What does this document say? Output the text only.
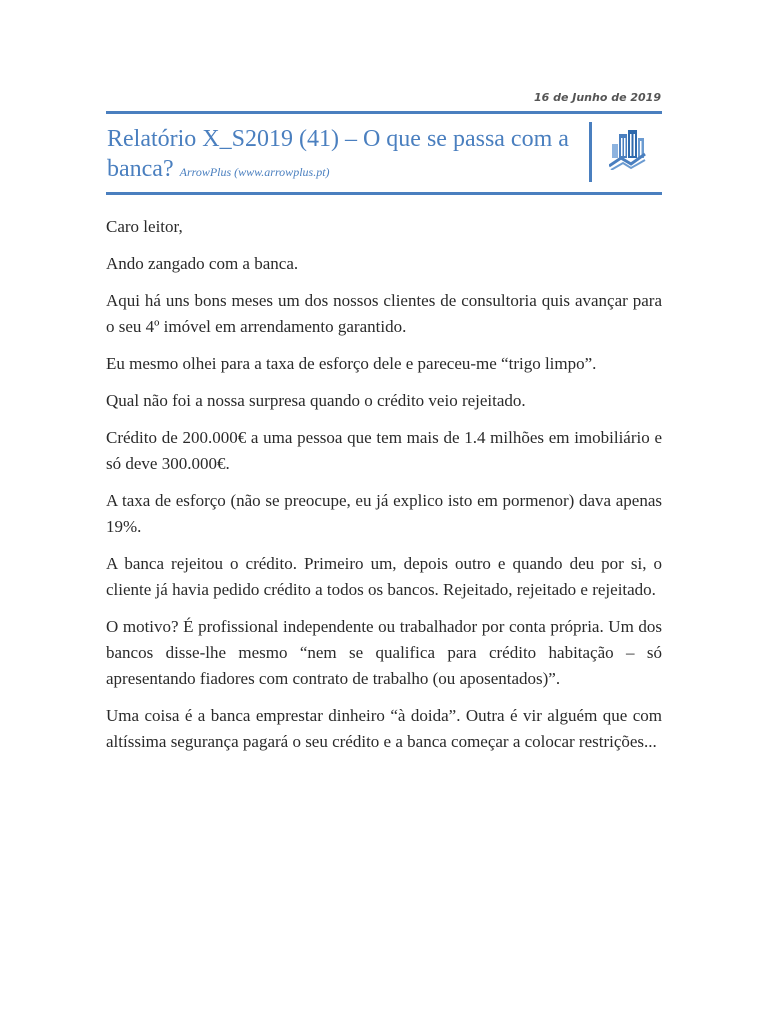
16 de Junho de 2019
Relatório X_S2019 (41) – O que se passa com a banca? ArrowPlus (www.arrowplus.pt)

Caro leitor,

Ando zangado com a banca.

Aqui há uns bons meses um dos nossos clientes de consultoria quis avançar para o seu 4º imóvel em arrendamento garantido.

Eu mesmo olhei para a taxa de esforço dele e pareceu-me “trigo limpo”.

Qual não foi a nossa surpresa quando o crédito veio rejeitado.

Crédito de 200.000€ a uma pessoa que tem mais de 1.4 milhões em imobiliário e só deve 300.000€.

A taxa de esforço (não se preocupe, eu já explico isto em pormenor) dava apenas 19%.

A banca rejeitou o crédito. Primeiro um, depois outro e quando deu por si, o cliente já havia pedido crédito a todos os bancos. Rejeitado, rejeitado e rejeitado.

O motivo? É profissional independente ou trabalhador por conta própria. Um dos bancos disse-lhe mesmo “nem se qualifica para crédito habitação – só apresentando fiadores com contrato de trabalho (ou aposentados)”.

Uma coisa é a banca emprestar dinheiro “à doida”. Outra é vir alguém que com altíssima segurança pagará o seu crédito e a banca começar a colocar restrições...
